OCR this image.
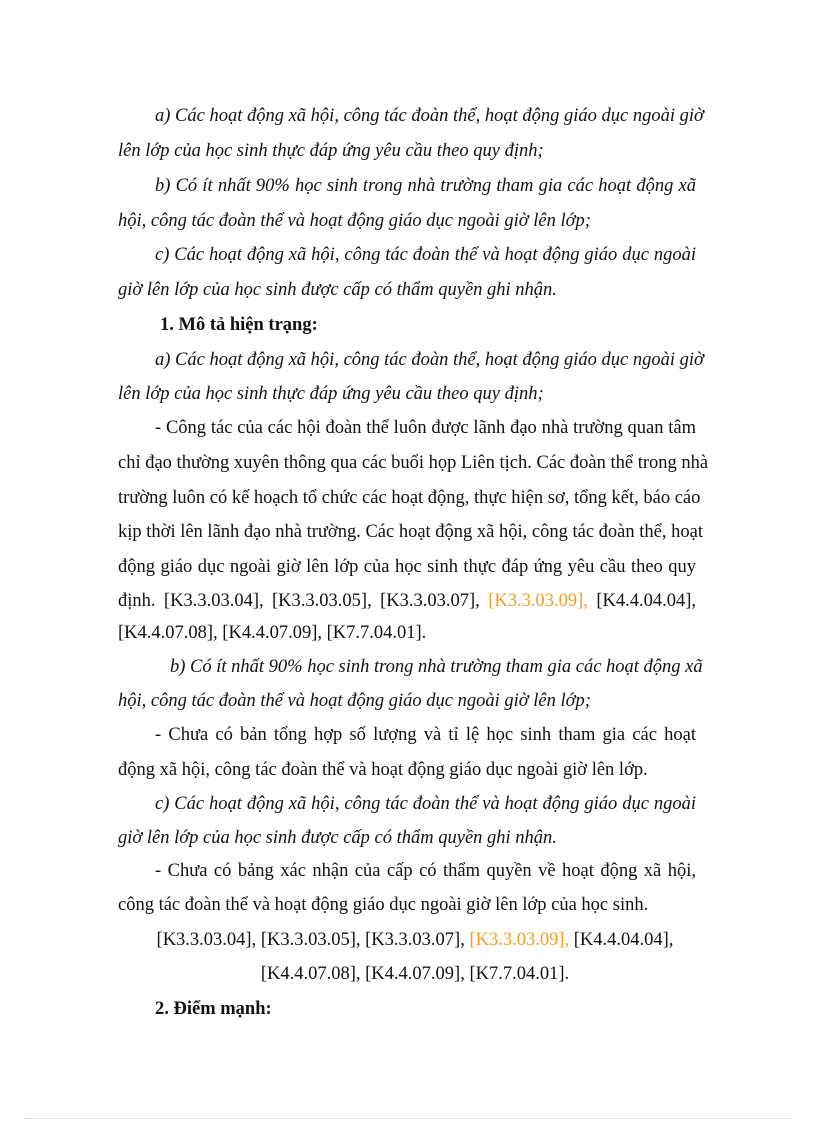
a) Các hoạt động xã hội, công tác đoàn thể, hoạt động giáo dục ngoài giờ
lên lớp của học sinh thực đáp ứng yêu cầu theo quy định;
b) Có ít nhất 90% học sinh trong nhà trường tham gia các hoạt động xã
hội, công tác đoàn thể và hoạt động giáo dục ngoài giờ lên lớp;
c) Các hoạt động xã hội, công tác đoàn thể và hoạt động giáo dục ngoài
giờ lên lớp của học sinh được cấp có thẩm quyền ghi nhận.
1. Mô tả hiện trạng:
a) Các hoạt động xã hội, công tác đoàn thể, hoạt động giáo dục ngoài giờ
lên lớp của học sinh thực đáp ứng yêu cầu theo quy định;
- Công tác của các hội đoàn thể luôn được lãnh đạo nhà trường quan tâm
chỉ đạo thường xuyên thông qua các buổi họp Liên tịch. Các đoàn thể trong nhà
trường luôn có kế hoạch tổ chức các hoạt động, thực hiện sơ, tổng kết, báo cáo
kịp thời lên lãnh đạo nhà trường. Các hoạt động xã hội, công tác đoàn thể, hoạt
động giáo dục ngoài giờ lên lớp của học sinh thực đáp ứng yêu cầu theo quy
định. [K3.3.03.04], [K3.3.03.05], [K3.3.03.07], [K3.3.03.09], [K4.4.04.04],
[K4.4.07.08], [K4.4.07.09], [K7.7.04.01].
b) Có ít nhất 90% học sinh trong nhà trường tham gia các hoạt động xã
hội, công tác đoàn thể và hoạt động giáo dục ngoài giờ lên lớp;
- Chưa có bản tổng hợp số lượng và tỉ lệ học sinh tham gia các hoạt
động xã hội, công tác đoàn thể và hoạt động giáo dục ngoài giờ lên lớp.
c) Các hoạt động xã hội, công tác đoàn thể và hoạt động giáo dục ngoài
giờ lên lớp của học sinh được cấp có thẩm quyền ghi nhận.
- Chưa có bảng xác nhận của cấp có thẩm quyền về hoạt động xã hội,
công tác đoàn thể và hoạt động giáo dục ngoài giờ lên lớp của học sinh.
[K3.3.03.04], [K3.3.03.05], [K3.3.03.07], [K3.3.03.09], [K4.4.04.04],
[K4.4.07.08], [K4.4.07.09], [K7.7.04.01].
2. Điểm mạnh:
